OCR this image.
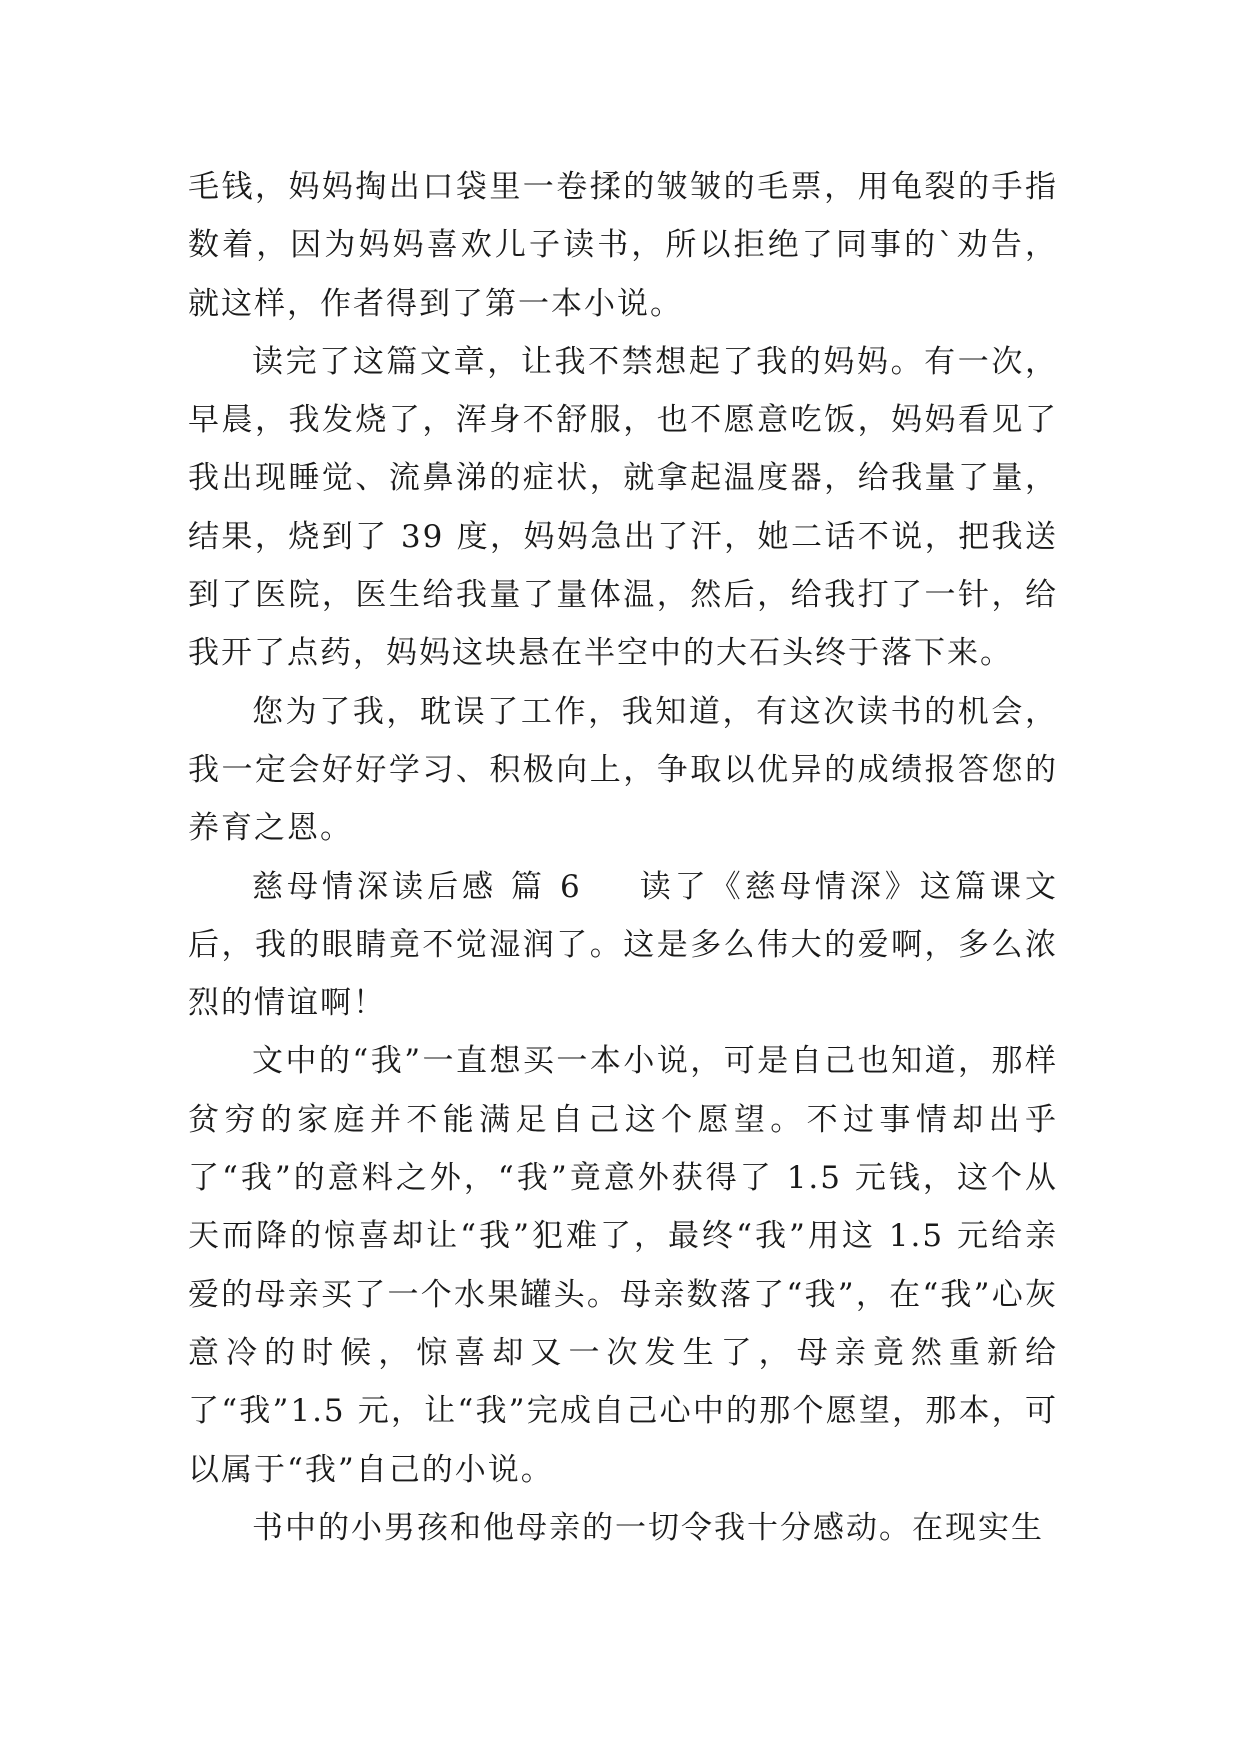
毛钱，妈妈掏出口袋里一卷揉的皱皱的毛票，用龟裂的手指数着，因为妈妈喜欢儿子读书，所以拒绝了同事的`劝告，就这样，作者得到了第一本小说。

读完了这篇文章，让我不禁想起了我的妈妈。有一次，早晨，我发烧了，浑身不舒服，也不愿意吃饭，妈妈看见了我出现睡觉、流鼻涕的症状，就拿起温度器，给我量了量，结果，烧到了 39 度，妈妈急出了汗，她二话不说，把我送到了医院，医生给我量了量体温，然后，给我打了一针，给我开了点药，妈妈这块悬在半空中的大石头终于落下来。

您为了我，耽误了工作，我知道，有这次读书的机会，我一定会好好学习、积极向上，争取以优异的成绩报答您的养育之恩。

慈母情深读后感 篇 6 读了《慈母情深》这篇课文后，我的眼睛竟不觉湿润了。这是多么伟大的爱啊，多么浓烈的情谊啊！

文中的“我”一直想买一本小说，可是自己也知道，那样贫穷的家庭并不能满足自己这个愿望。不过事情却出乎了“我”的意料之外，“我”竟意外获得了 1.5 元钱，这个从天而降的惊喜却让“我”犯难了，最终“我”用这 1.5 元给亲爱的母亲买了一个水果罐头。母亲数落了“我”，在“我”心灰意冷的时候，惊喜却又一次发生了，母亲竟然重新给了“我”1.5 元，让“我”完成自己心中的那个愿望，那本，可以属于“我”自己的小说。

书中的小男孩和他母亲的一切令我十分感动。在现实生
